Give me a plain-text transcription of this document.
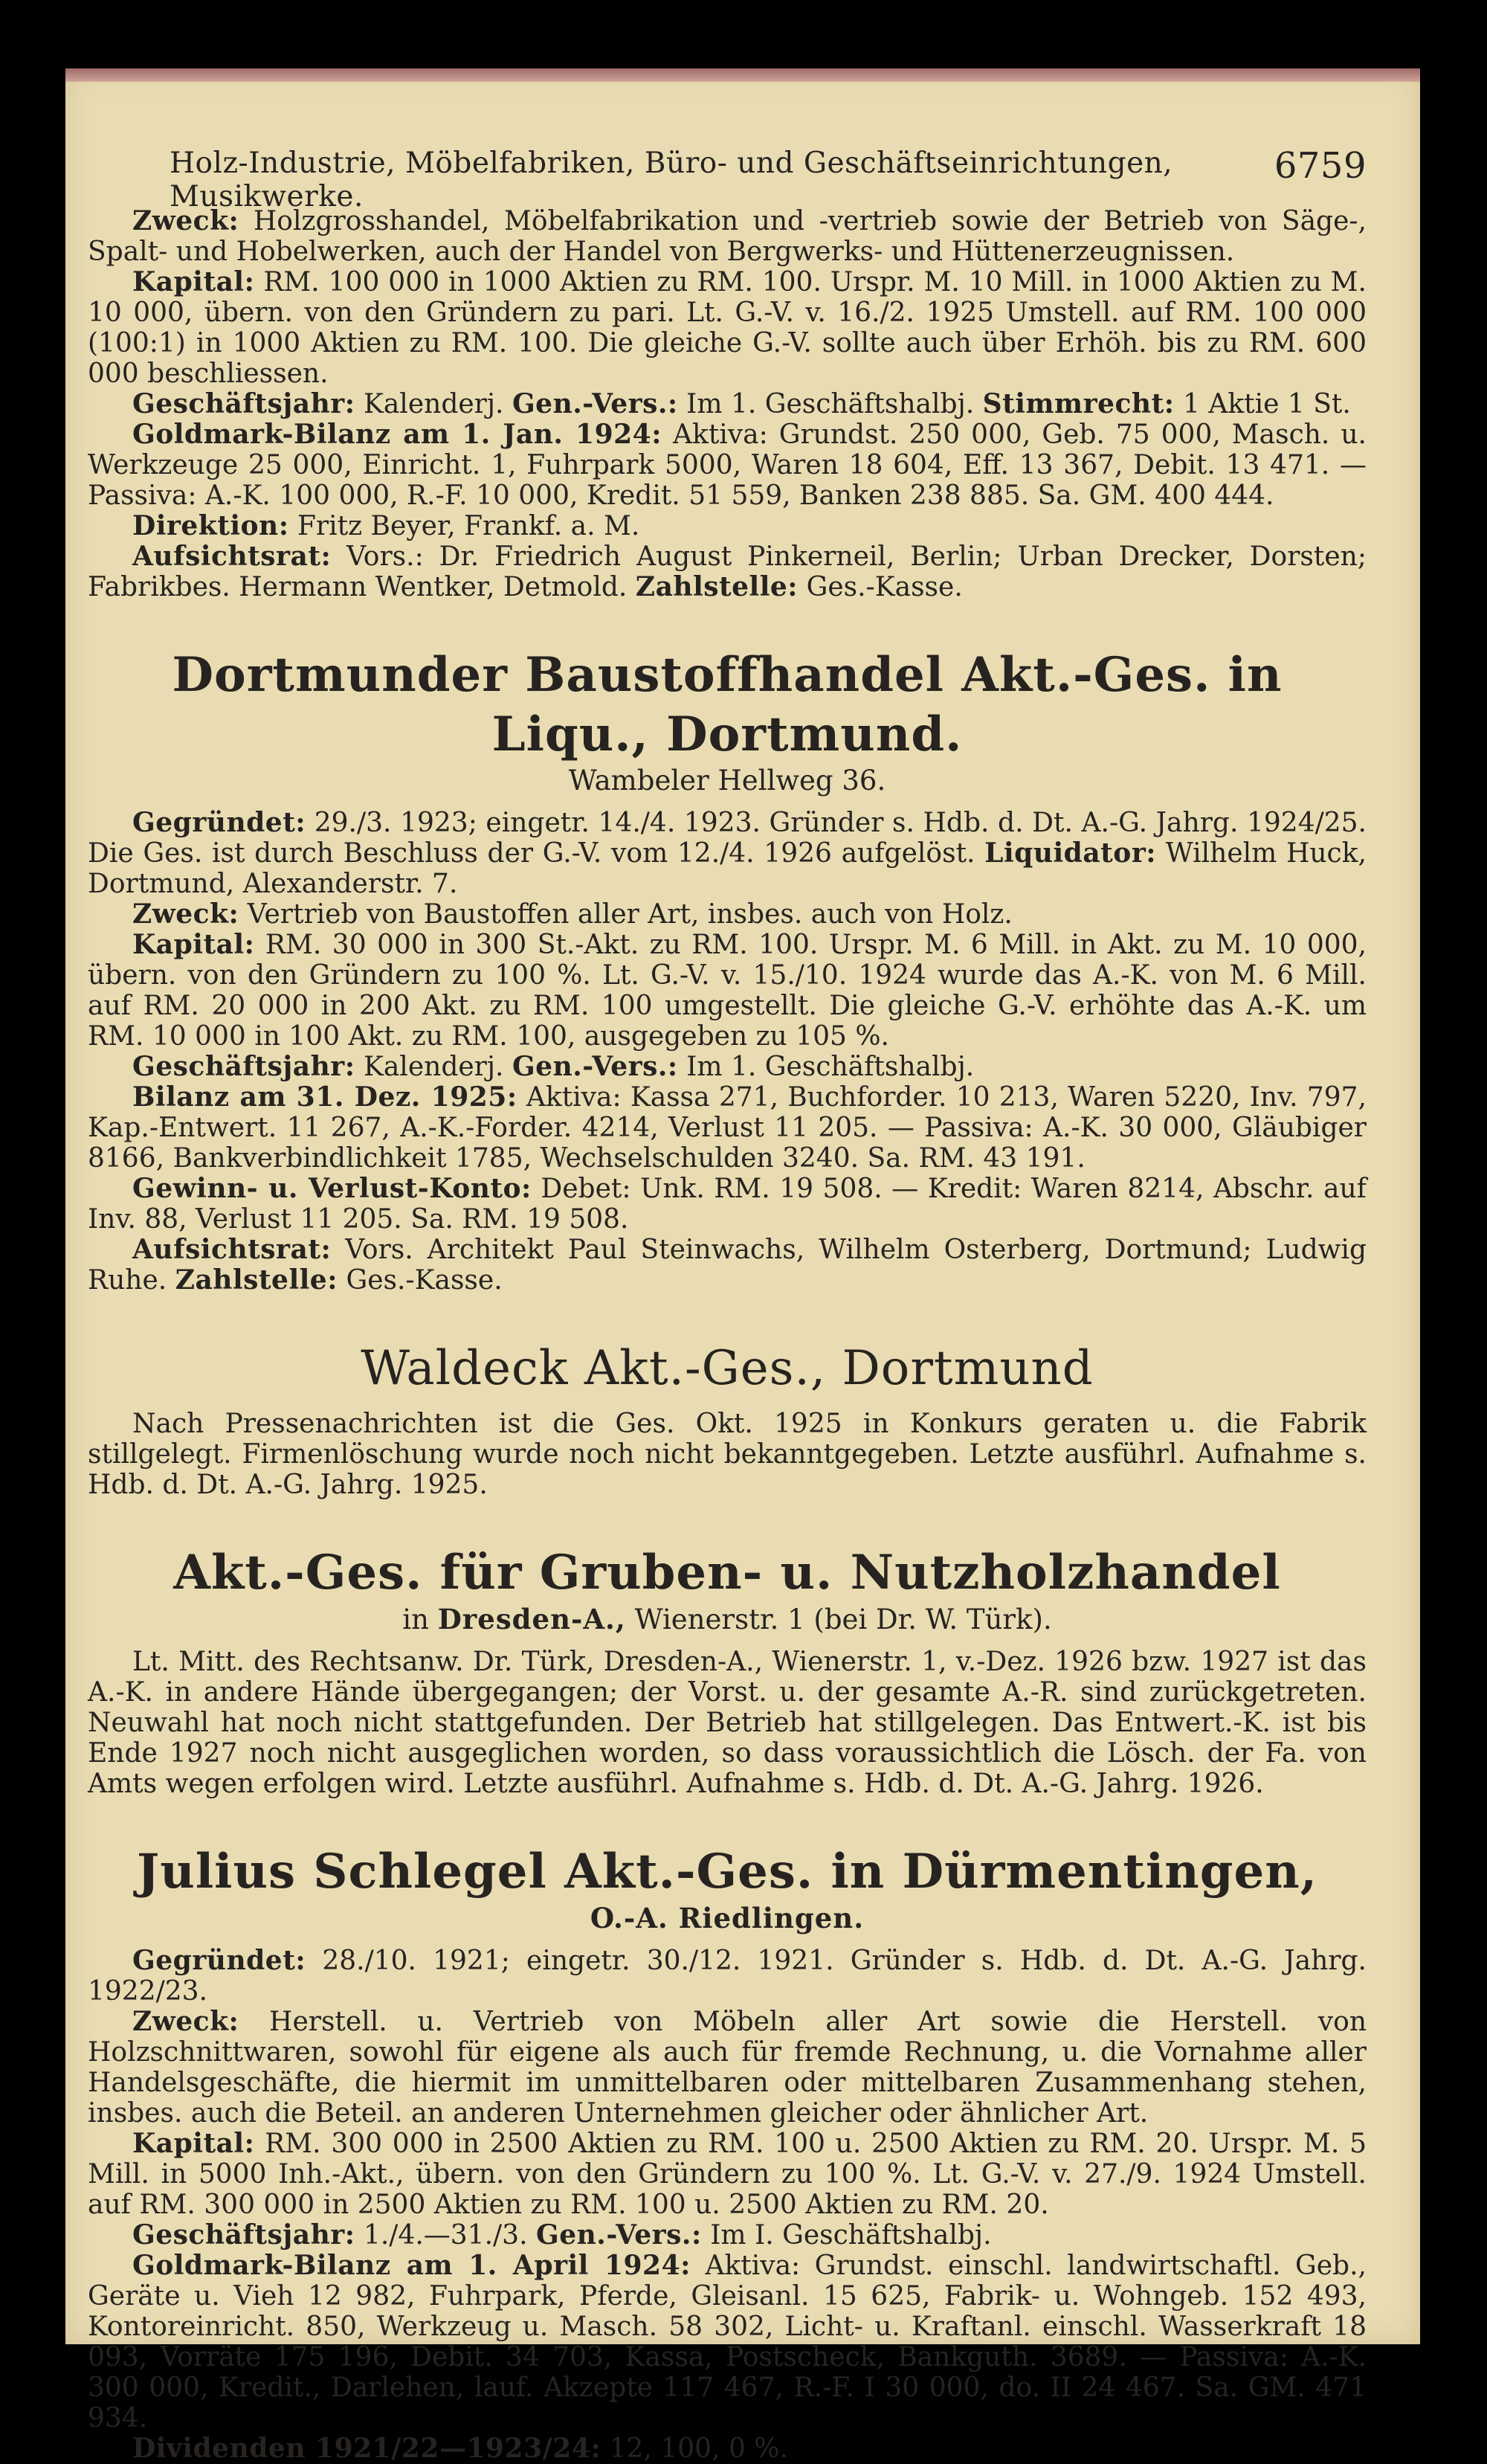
Holz-Industrie, Möbelfabriken, Büro- und Geschäftseinrichtungen, Musikwerke.
6759

Zweck: Holzgrosshandel, Möbelfabrikation und -vertrieb sowie der Betrieb von Säge-, Spalt- und Hobelwerken, auch der Handel von Bergwerks- und Hüttenerzeugnissen.

Kapital: RM. 100 000 in 1000 Aktien zu RM. 100. Urspr. M. 10 Mill. in 1000 Aktien zu M. 10 000, übern. von den Gründern zu pari. Lt. G.-V. v. 16./2. 1925 Umstell. auf RM. 100 000 (100:1) in 1000 Aktien zu RM. 100. Die gleiche G.-V. sollte auch über Erhöh. bis zu RM. 600 000 beschliessen.

Geschäftsjahr: Kalenderj. Gen.-Vers.: Im 1. Geschäftshalbj. Stimmrecht: 1 Aktie 1 St.

Goldmark-Bilanz am 1. Jan. 1924: Aktiva: Grundst. 250 000, Geb. 75 000, Masch. u. Werkzeuge 25 000, Einricht. 1, Fuhrpark 5000, Waren 18 604, Eff. 13 367, Debit. 13 471. — Passiva: A.-K. 100 000, R.-F. 10 000, Kredit. 51 559, Banken 238 885. Sa. GM. 400 444.

Direktion: Fritz Beyer, Frankf. a. M.

Aufsichtsrat: Vors.: Dr. Friedrich August Pinkerneil, Berlin; Urban Drecker, Dorsten; Fabrikbes. Hermann Wentker, Detmold. Zahlstelle: Ges.-Kasse.

Dortmunder Baustoffhandel Akt.-Ges. in Liqu., Dortmund.
Wambeler Hellweg 36.

Gegründet: 29./3. 1923; eingetr. 14./4. 1923. Gründer s. Hdb. d. Dt. A.-G. Jahrg. 1924/25. Die Ges. ist durch Beschluss der G.-V. vom 12./4. 1926 aufgelöst. Liquidator: Wilhelm Huck, Dortmund, Alexanderstr. 7.

Zweck: Vertrieb von Baustoffen aller Art, insbes. auch von Holz.

Kapital: RM. 30 000 in 300 St.-Akt. zu RM. 100. Urspr. M. 6 Mill. in Akt. zu M. 10 000, übern. von den Gründern zu 100 %. Lt. G.-V. v. 15./10. 1924 wurde das A.-K. von M. 6 Mill. auf RM. 20 000 in 200 Akt. zu RM. 100 umgestellt. Die gleiche G.-V. erhöhte das A.-K. um RM. 10 000 in 100 Akt. zu RM. 100, ausgegeben zu 105 %.

Geschäftsjahr: Kalenderj. Gen.-Vers.: Im 1. Geschäftshalbj.

Bilanz am 31. Dez. 1925: Aktiva: Kassa 271, Buchforder. 10 213, Waren 5220, Inv. 797, Kap.-Entwert. 11 267, A.-K.-Forder. 4214, Verlust 11 205. — Passiva: A.-K. 30 000, Gläubiger 8166, Bankverbindlichkeit 1785, Wechselschulden 3240. Sa. RM. 43 191.

Gewinn- u. Verlust-Konto: Debet: Unk. RM. 19 508. — Kredit: Waren 8214, Abschr. auf Inv. 88, Verlust 11 205. Sa. RM. 19 508.

Aufsichtsrat: Vors. Architekt Paul Steinwachs, Wilhelm Osterberg, Dortmund; Ludwig Ruhe. Zahlstelle: Ges.-Kasse.

Waldeck Akt.-Ges., Dortmund

Nach Pressenachrichten ist die Ges. Okt. 1925 in Konkurs geraten u. die Fabrik stillgelegt. Firmenlöschung wurde noch nicht bekanntgegeben. Letzte ausführl. Aufnahme s. Hdb. d. Dt. A.-G. Jahrg. 1925.

Akt.-Ges. für Gruben- u. Nutzholzhandel
in Dresden-A., Wienerstr. 1 (bei Dr. W. Türk).

Lt. Mitt. des Rechtsanw. Dr. Türk, Dresden-A., Wienerstr. 1, v.-Dez. 1926 bzw. 1927 ist das A.-K. in andere Hände übergegangen; der Vorst. u. der gesamte A.-R. sind zurückgetreten. Neuwahl hat noch nicht stattgefunden. Der Betrieb hat stillgelegen. Das Entwert.-K. ist bis Ende 1927 noch nicht ausgeglichen worden, so dass voraussichtlich die Lösch. der Fa. von Amts wegen erfolgen wird. Letzte ausführl. Aufnahme s. Hdb. d. Dt. A.-G. Jahrg. 1926.

Julius Schlegel Akt.-Ges. in Dürmentingen,
O.-A. Riedlingen.

Gegründet: 28./10. 1921; eingetr. 30./12. 1921. Gründer s. Hdb. d. Dt. A.-G. Jahrg. 1922/23.

Zweck: Herstell. u. Vertrieb von Möbeln aller Art sowie die Herstell. von Holzschnittwaren, sowohl für eigene als auch für fremde Rechnung, u. die Vornahme aller Handelsgeschäfte, die hiermit im unmittelbaren oder mittelbaren Zusammenhang stehen, insbes. auch die Beteil. an anderen Unternehmen gleicher oder ähnlicher Art.

Kapital: RM. 300 000 in 2500 Aktien zu RM. 100 u. 2500 Aktien zu RM. 20. Urspr. M. 5 Mill. in 5000 Inh.-Akt., übern. von den Gründern zu 100 %. Lt. G.-V. v. 27./9. 1924 Umstell. auf RM. 300 000 in 2500 Aktien zu RM. 100 u. 2500 Aktien zu RM. 20.

Geschäftsjahr: 1./4.—31./3. Gen.-Vers.: Im I. Geschäftshalbj.

Goldmark-Bilanz am 1. April 1924: Aktiva: Grundst. einschl. landwirtschaftl. Geb., Geräte u. Vieh 12 982, Fuhrpark, Pferde, Gleisanl. 15 625, Fabrik- u. Wohngeb. 152 493, Kontoreinricht. 850, Werkzeug u. Masch. 58 302, Licht- u. Kraftanl. einschl. Wasserkraft 18 093, Vorräte 175 196, Debit. 34 703, Kassa, Postscheck, Bankguth. 3689. — Passiva: A.-K. 300 000, Kredit., Darlehen, lauf. Akzepte 117 467, R.-F. I 30 000, do. II 24 467. Sa. GM. 471 934.

Dividenden 1921/22—1923/24: 12, 100, 0 %.
